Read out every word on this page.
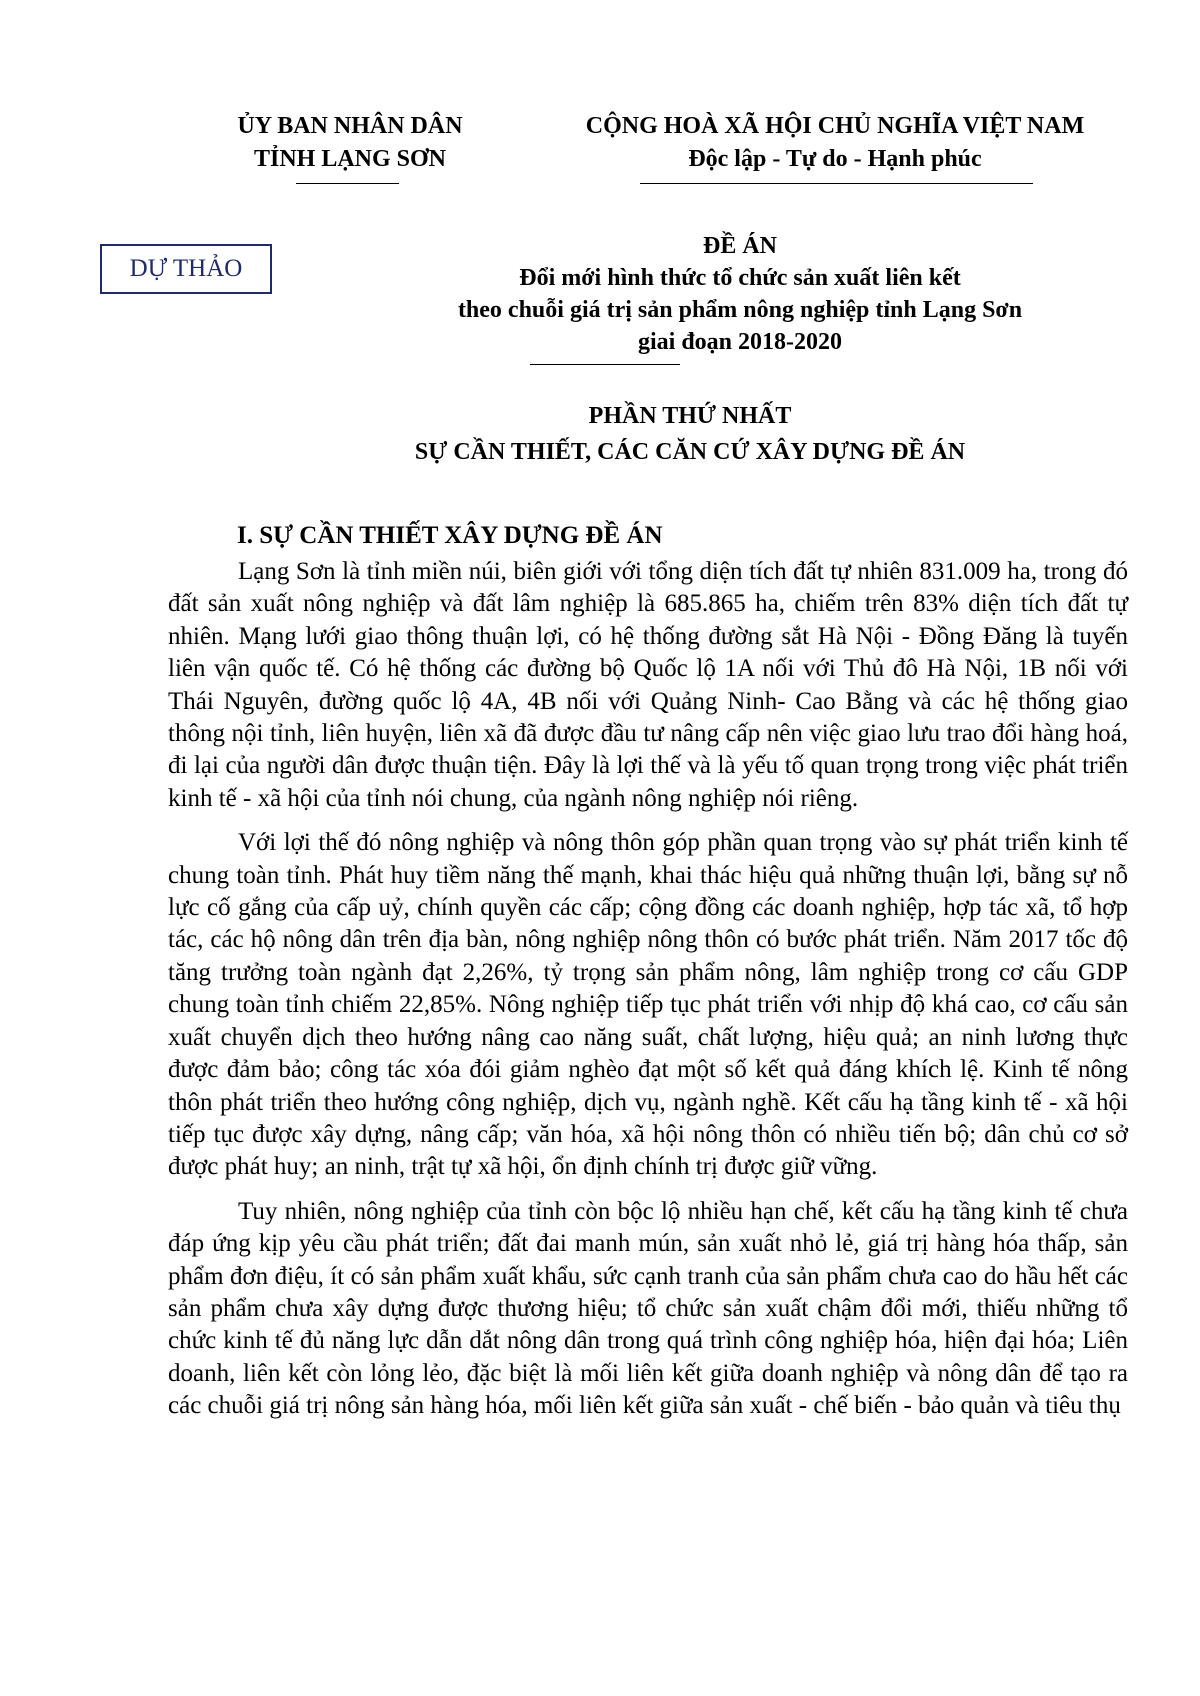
ỦY BAN NHÂN DÂN
TỈNH LẠNG SƠN
CỘNG HOÀ XÃ HỘI CHỦ NGHĨA VIỆT NAM
Độc lập - Tự do - Hạnh phúc
DỰ THẢO
ĐỀ ÁN
Đổi mới hình thức tổ chức sản xuất liên kết
theo chuỗi giá trị sản phẩm nông nghiệp tỉnh Lạng Sơn
giai đoạn 2018-2020
PHẦN THỨ NHẤT
SỰ CẦN THIẾT, CÁC CĂN CỨ XÂY DỰNG ĐỀ ÁN
I. SỰ CẦN THIẾT XÂY DỰNG ĐỀ ÁN

Lạng Sơn là tỉnh miền núi, biên giới với tổng diện tích đất tự nhiên 831.009 ha, trong đó đất sản xuất nông nghiệp và đất lâm nghiệp là 685.865 ha, chiếm trên 83% diện tích đất tự nhiên. Mạng lưới giao thông thuận lợi, có hệ thống đường sắt Hà Nội - Đồng Đăng là tuyến liên vận quốc tế. Có hệ thống các đường bộ Quốc lộ 1A nối với Thủ đô Hà Nội, 1B nối với Thái Nguyên, đường quốc lộ 4A, 4B nối với Quảng Ninh- Cao Bằng và các hệ thống giao thông nội tỉnh, liên huyện, liên xã đã được đầu tư nâng cấp nên việc giao lưu trao đổi hàng hoá, đi lại của người dân được thuận tiện. Đây là lợi thế và là yếu tố quan trọng trong việc phát triển kinh tế - xã hội của tỉnh nói chung, của ngành nông nghiệp nói riêng.

Với lợi thế đó nông nghiệp và nông thôn góp phần quan trọng vào sự phát triển kinh tế chung toàn tỉnh. Phát huy tiềm năng thế mạnh, khai thác hiệu quả những thuận lợi, bằng sự nỗ lực cố gắng của cấp uỷ, chính quyền các cấp; cộng đồng các doanh nghiệp, hợp tác xã, tổ hợp tác, các hộ nông dân trên địa bàn, nông nghiệp nông thôn có bước phát triển. Năm 2017 tốc độ tăng trưởng toàn ngành đạt 2,26%, tỷ trọng sản phẩm nông, lâm nghiệp trong cơ cấu GDP chung toàn tỉnh chiếm 22,85%. Nông nghiệp tiếp tục phát triển với nhịp độ khá cao, cơ cấu sản xuất chuyển dịch theo hướng nâng cao năng suất, chất lượng, hiệu quả; an ninh lương thực được đảm bảo; công tác xóa đói giảm nghèo đạt một số kết quả đáng khích lệ. Kinh tế nông thôn phát triển theo hướng công nghiệp, dịch vụ, ngành nghề. Kết cấu hạ tầng kinh tế - xã hội tiếp tục được xây dựng, nâng cấp; văn hóa, xã hội nông thôn có nhiều tiến bộ; dân chủ cơ sở được phát huy; an ninh, trật tự xã hội, ổn định chính trị được giữ vững.

Tuy nhiên, nông nghiệp của tỉnh còn bộc lộ nhiều hạn chế, kết cấu hạ tầng kinh tế chưa đáp ứng kịp yêu cầu phát triển; đất đai manh mún, sản xuất nhỏ lẻ, giá trị hàng hóa thấp, sản phẩm đơn điệu, ít có sản phẩm xuất khẩu, sức cạnh tranh của sản phẩm chưa cao do hầu hết các sản phẩm chưa xây dựng được thương hiệu; tổ chức sản xuất chậm đổi mới, thiếu những tổ chức kinh tế đủ năng lực dẫn dắt nông dân trong quá trình công nghiệp hóa, hiện đại hóa; Liên doanh, liên kết còn lỏng lẻo, đặc biệt là mối liên kết giữa doanh nghiệp và nông dân để tạo ra các chuỗi giá trị nông sản hàng hóa, mối liên kết giữa sản xuất - chế biến - bảo quản và tiêu thụ
